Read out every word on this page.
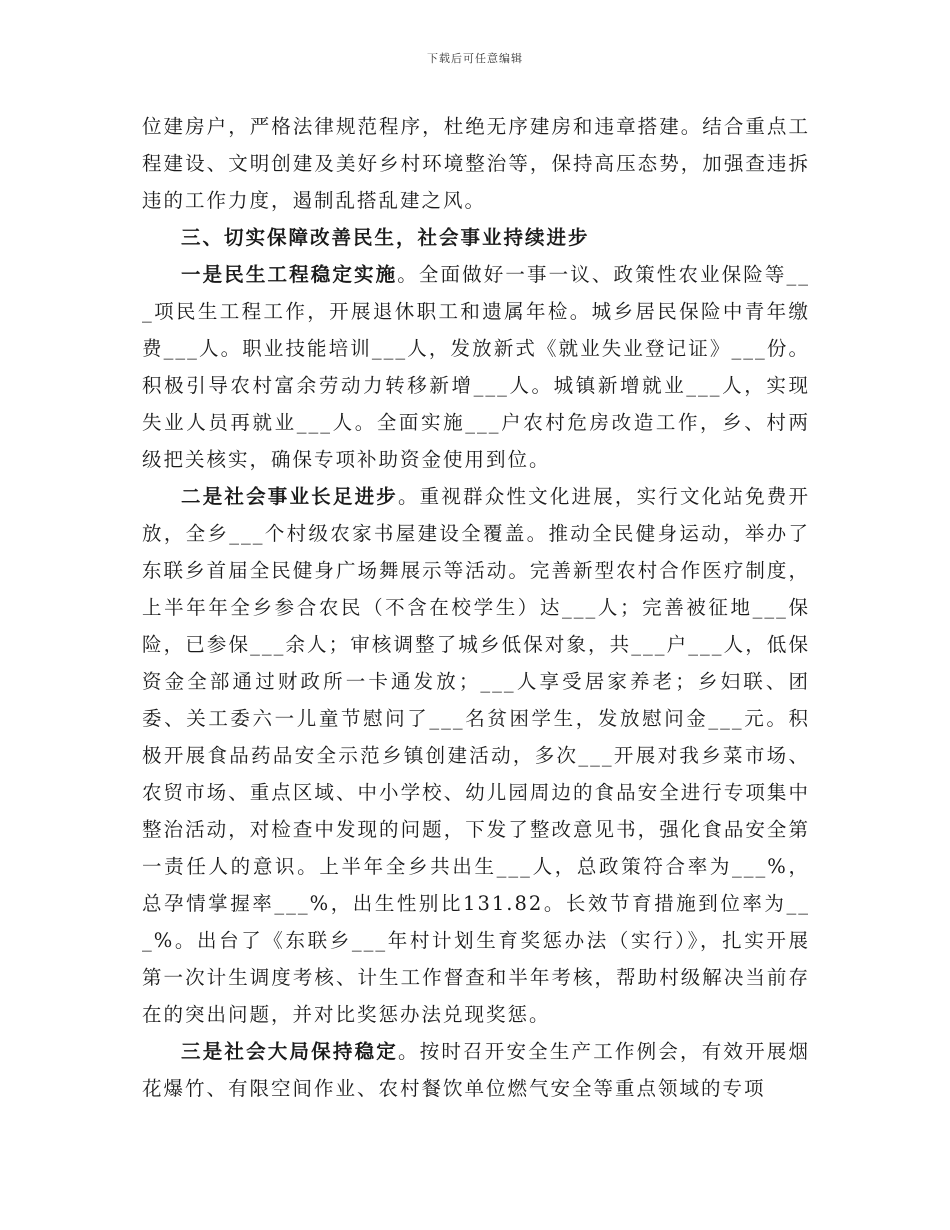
下载后可任意编辑

位建房户，严格法律规范程序，杜绝无序建房和违章搭建。结合重点工程建设、文明创建及美好乡村环境整治等，保持高压态势，加强查违拆违的工作力度，遏制乱搭乱建之风。

三、切实保障改善民生，社会事业持续进步

一是民生工程稳定实施。全面做好一事一议、政策性农业保险等___项民生工程工作，开展退休职工和遗属年检。城乡居民保险中青年缴费___人。职业技能培训___人，发放新式《就业失业登记证》___份。积极引导农村富余劳动力转移新增___人。城镇新增就业___人，实现失业人员再就业___人。全面实施___户农村危房改造工作，乡、村两级把关核实，确保专项补助资金使用到位。

二是社会事业长足进步。重视群众性文化进展，实行文化站免费开放，全乡___个村级农家书屋建设全覆盖。推动全民健身运动，举办了东联乡首届全民健身广场舞展示等活动。完善新型农村合作医疗制度，上半年年全乡参合农民（不含在校学生）达___人；完善被征地___保险，已参保___余人；审核调整了城乡低保对象，共___户___人，低保资金全部通过财政所一卡通发放；___人享受居家养老；乡妇联、团委、关工委六一儿童节慰问了___名贫困学生，发放慰问金___元。积极开展食品药品安全示范乡镇创建活动，多次___开展对我乡菜市场、农贸市场、重点区域、中小学校、幼儿园周边的食品安全进行专项集中整治活动，对检查中发现的问题，下发了整改意见书，强化食品安全第一责任人的意识。上半年全乡共出生___人，总政策符合率为___%，总孕情掌握率___%，出生性别比131.82。长效节育措施到位率为___%。出台了《东联乡___年村计划生育奖惩办法（实行）》，扎实开展第一次计生调度考核、计生工作督查和半年考核，帮助村级解决当前存在的突出问题，并对比奖惩办法兑现奖惩。

三是社会大局保持稳定。按时召开安全生产工作例会，有效开展烟花爆竹、有限空间作业、农村餐饮单位燃气安全等重点领域的专项
